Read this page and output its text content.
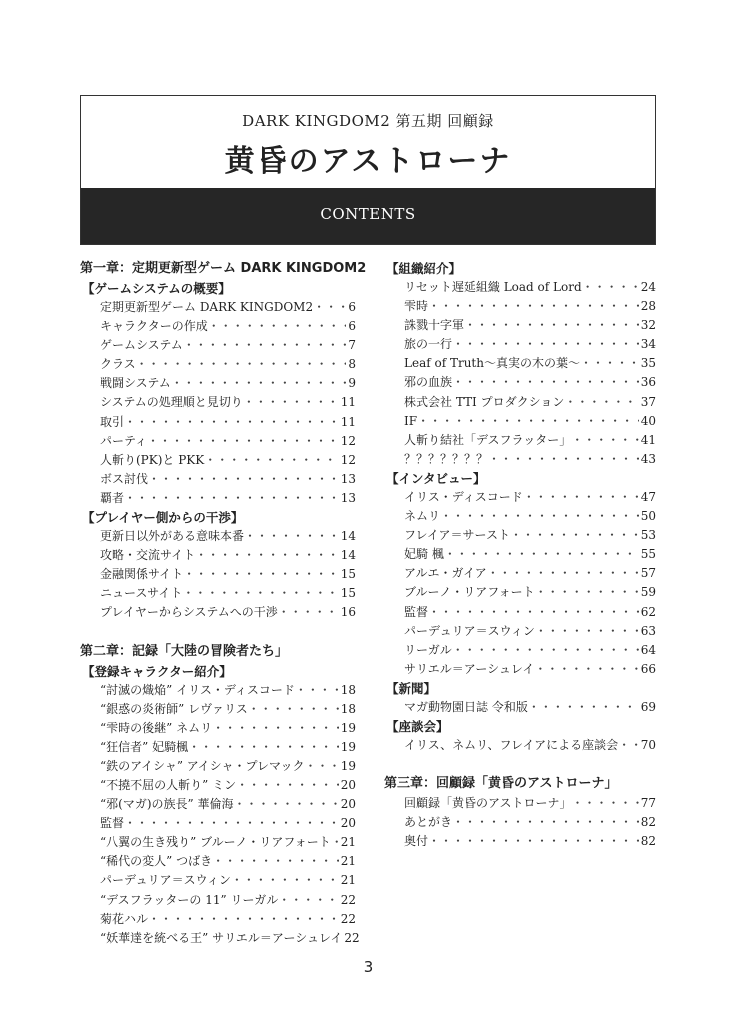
DARK KINGDOM2 第五期 回顧録
黄昏のアストローナ
CONTENTS
第一章：定期更新型ゲーム DARK KINGDOM2
【ゲームシステムの概要】
定期更新型ゲーム DARK KINGDOM2 ・・・・・・・・・・・・・・・・・・・・・・・・・・・・・・・・・・	6
キャラクターの作成 ・・・・・・・・・・・・・・・・・・・・・・・・・・・・・・・・・・	6
ゲームシステム ・・・・・・・・・・・・・・・・・・・・・・・・・・・・・・・・・・	7
クラス ・・・・・・・・・・・・・・・・・・・・・・・・・・・・・・・・・・	8
戦闘システム ・・・・・・・・・・・・・・・・・・・・・・・・・・・・・・・・・・	9
システムの処理順と見切り ・・・・・・・・・・・・・・・・・・・・・・・・・・・・・・・・・・	11
取引 ・・・・・・・・・・・・・・・・・・・・・・・・・・・・・・・・・・	11
パーティ ・・・・・・・・・・・・・・・・・・・・・・・・・・・・・・・・・・	12
人斬り(PK)と PKK ・・・・・・・・・・・・・・・・・・・・・・・・・・・・・・・・・・	12
ボス討伐 ・・・・・・・・・・・・・・・・・・・・・・・・・・・・・・・・・・	13
覇者 ・・・・・・・・・・・・・・・・・・・・・・・・・・・・・・・・・・	13
【プレイヤー側からの干渉】
更新日以外がある意味本番 ・・・・・・・・・・・・・・・・・・・・・・・・・・・・・・・・・・	14
攻略・交流サイト ・・・・・・・・・・・・・・・・・・・・・・・・・・・・・・・・・・	14
金融関係サイト ・・・・・・・・・・・・・・・・・・・・・・・・・・・・・・・・・・	15
ニュースサイト ・・・・・・・・・・・・・・・・・・・・・・・・・・・・・・・・・・	15
プレイヤーからシステムへの干渉 ・・・・・・・・・・・・・・・・・・・・・・・・・・・・・・・・・・	16
第二章：記録「大陸の冒険者たち」
【登録キャラクター紹介】
“討滅の熾焔” イリス・ディスコード ・・・・・・・・・・・・・・・・・・・・・・・・・・・・・・・・・・	18
“銀惑の炎術師” レヴァリス ・・・・・・・・・・・・・・・・・・・・・・・・・・・・・・・・・・	18
“雫時の後継” ネムリ ・・・・・・・・・・・・・・・・・・・・・・・・・・・・・・・・・・	19
“狂信者” 妃騎楓 ・・・・・・・・・・・・・・・・・・・・・・・・・・・・・・・・・・	19
“鉄のアイシャ” アイシャ・プレマック ・・・・・・・・・・・・・・・・・・・・・・・・・・・・・・・・・・	19
“不撓不屈の人斬り” ミン ・・・・・・・・・・・・・・・・・・・・・・・・・・・・・・・・・・	20
“邪(マガ)の族長” 華倫海 ・・・・・・・・・・・・・・・・・・・・・・・・・・・・・・・・・・	20
監督 ・・・・・・・・・・・・・・・・・・・・・・・・・・・・・・・・・・	20
“八翼の生き残り” ブルーノ・リアフォート ・・・・・・・・・・・・・・・・・・・・・・・・・・・・・・・・・・ 21
“稀代の変人” つばき ・・・・・・・・・・・・・・・・・・・・・・・・・・・・・・・・・・	21
パーデュリア＝スウィン ・・・・・・・・・・・・・・・・・・・・・・・・・・・・・・・・・・	21
“デスフラッターの 11” リーガル ・・・・・・・・・・・・・・・・・・・・・・・・・・・・・・・・・・	22
菊花ハル ・・・・・・・・・・・・・・・・・・・・・・・・・・・・・・・・・・	22
“妖華達を統べる王” サリエル＝アーシュレイ 22
【組織紹介】
リセット遅延組織 Load of Lord ・・・・・・・・・・・・・・・・・・・・・・・・・・・・・・・・・・	24
雫時 ・・・・・・・・・・・・・・・・・・・・・・・・・・・・・・・・・・	28
誅戮十字軍 ・・・・・・・・・・・・・・・・・・・・・・・・・・・・・・・・・・	32
旅の一行 ・・・・・・・・・・・・・・・・・・・・・・・・・・・・・・・・・・	34
Leaf of Truth～真実の木の葉～ ・・・・・・・・・・・・・・・・・・・・・・・・・・・・・・・・・・	35
邪の血族 ・・・・・・・・・・・・・・・・・・・・・・・・・・・・・・・・・・	36
株式会社 TTI プロダクション ・・・・・・・・・・・・・・・・・・・・・・・・・・・・・・・・・・	37
IF ・・・・・・・・・・・・・・・・・・・・・・・・・・・・・・・・・・	40
人斬り結社「デスフラッター」 ・・・・・・・・・・・・・・・・・・・・・・・・・・・・・・・・・・	41
？？？？？？？ ・・・・・・・・・・・・・・・・・・・・・・・・・・・・・・・・・・	43
【インタビュー】
イリス・ディスコード ・・・・・・・・・・・・・・・・・・・・・・・・・・・・・・・・・・	47
ネムリ ・・・・・・・・・・・・・・・・・・・・・・・・・・・・・・・・・・	50
フレイア＝サースト ・・・・・・・・・・・・・・・・・・・・・・・・・・・・・・・・・・	53
妃騎 楓 ・・・・・・・・・・・・・・・・・・・・・・・・・・・・・・・・・・	55
アルエ・ガイア ・・・・・・・・・・・・・・・・・・・・・・・・・・・・・・・・・・	57
ブルーノ・リアフォート ・・・・・・・・・・・・・・・・・・・・・・・・・・・・・・・・・・	59
監督 ・・・・・・・・・・・・・・・・・・・・・・・・・・・・・・・・・・	62
パーデュリア＝スウィン ・・・・・・・・・・・・・・・・・・・・・・・・・・・・・・・・・・	63
リーガル ・・・・・・・・・・・・・・・・・・・・・・・・・・・・・・・・・・	64
サリエル＝アーシュレイ ・・・・・・・・・・・・・・・・・・・・・・・・・・・・・・・・・・	66
【新聞】
マガ動物園日誌 令和版 ・・・・・・・・・・・・・・・・・・・・・・・・・・・・・・・・・・	69
【座談会】
イリス、ネムリ、フレイアによる座談会 ・・・・・・・・・・・・・・・・・・・・・・・・・・・・・・・・・・ 70
第三章：回顧録「黄昏のアストローナ」
回顧録「黄昏のアストローナ」 ・・・・・・・・・・・・・・・・・・・・・・・・・・・・・・・・・・	77
あとがき ・・・・・・・・・・・・・・・・・・・・・・・・・・・・・・・・・・	82
奥付 ・・・・・・・・・・・・・・・・・・・・・・・・・・・・・・・・・・	82
3
